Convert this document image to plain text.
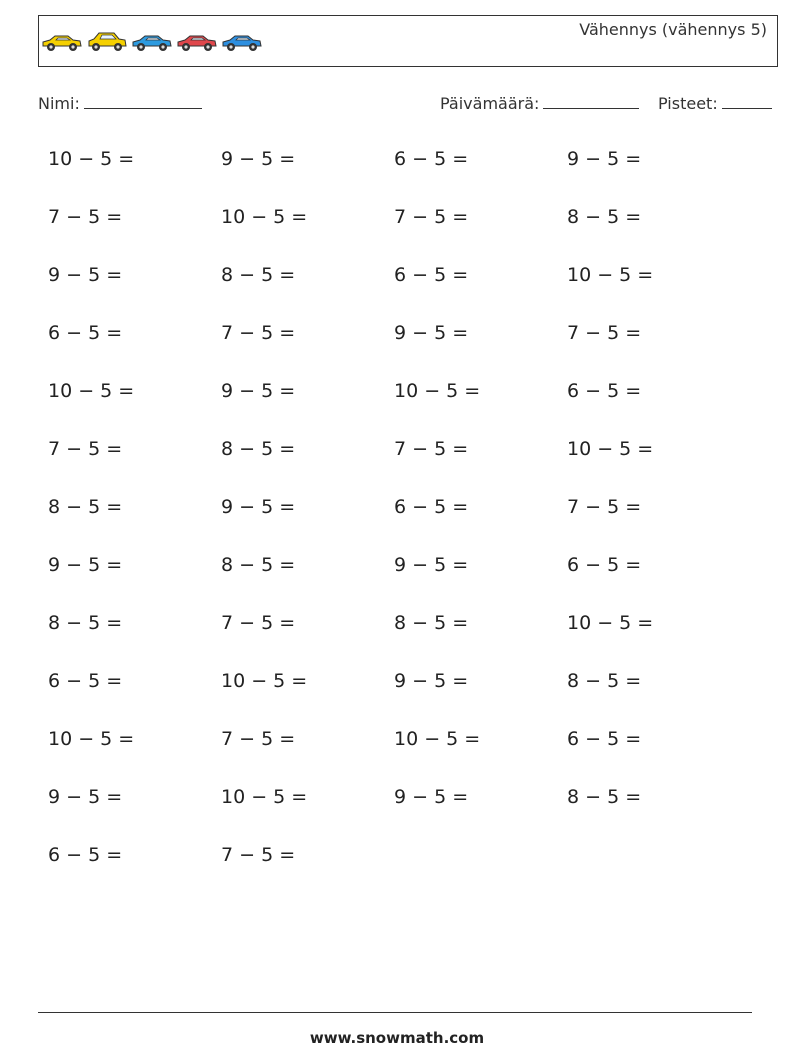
Vähennys (vähennys 5)
Nimi:	Päivämäärä:	Pisteet:
10 − 5 =	9 − 5 =	6 − 5 =	9 − 5 =
7 − 5 =	10 − 5 =	7 − 5 =	8 − 5 =
9 − 5 =	8 − 5 =	6 − 5 =	10 − 5 =
6 − 5 =	7 − 5 =	9 − 5 =	7 − 5 =
10 − 5 =	9 − 5 =	10 − 5 =	6 − 5 =
7 − 5 =	8 − 5 =	7 − 5 =	10 − 5 =
8 − 5 =	9 − 5 =	6 − 5 =	7 − 5 =
9 − 5 =	8 − 5 =	9 − 5 =	6 − 5 =
8 − 5 =	7 − 5 =	8 − 5 =	10 − 5 =
6 − 5 =	10 − 5 =	9 − 5 =	8 − 5 =
10 − 5 =	7 − 5 =	10 − 5 =	6 − 5 =
9 − 5 =	10 − 5 =	9 − 5 =	8 − 5 =
6 − 5 =	7 − 5 =
www.snowmath.com
